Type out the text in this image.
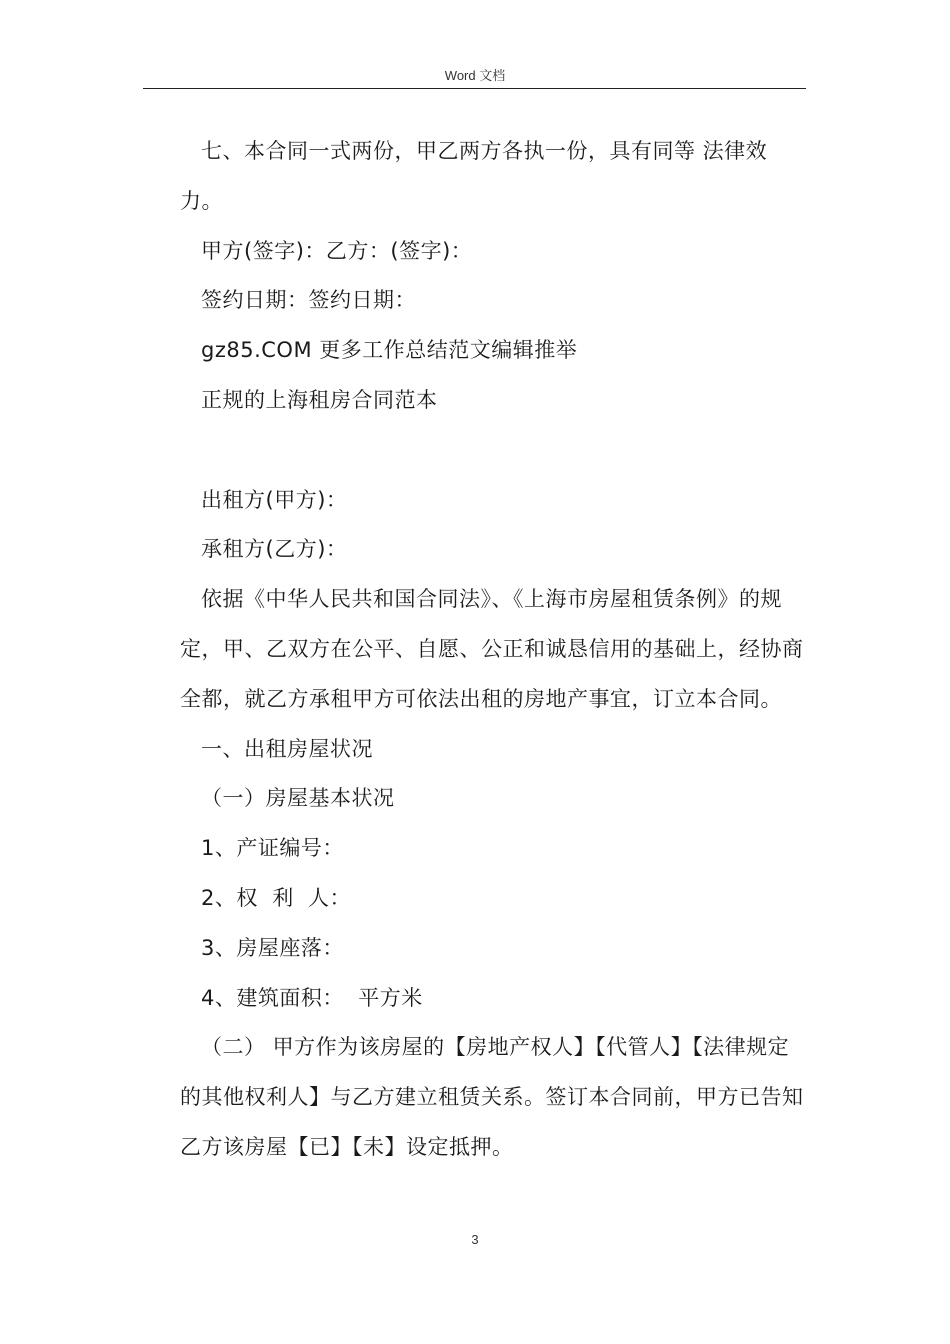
Word 文档

七、本合同一式两份，甲乙两方各执一份，具有同等 法律效力。

甲方(签字)：乙方：(签字)：

签约日期：签约日期：

gz85.COM 更多工作总结范文编辑推举

正规的上海租房合同范本

出租方(甲方)：

承租方(乙方)：

依据《中华人民共和国合同法》、《上海市房屋租赁条例》的规定，甲、乙双方在公平、自愿、公正和诚恳信用的基础上，经协商全都，就乙方承租甲方可依法出租的房地产事宜，订立本合同。

一、出租房屋状况

（一）房屋基本状况

1、产证编号：

2、权  利  人：

3、房屋座落：

4、建筑面积：  平方米

（二） 甲方作为该房屋的【房地产权人】【代管人】【法律规定的其他权利人】与乙方建立租赁关系。签订本合同前，甲方已告知乙方该房屋【已】【未】设定抵押。

3
